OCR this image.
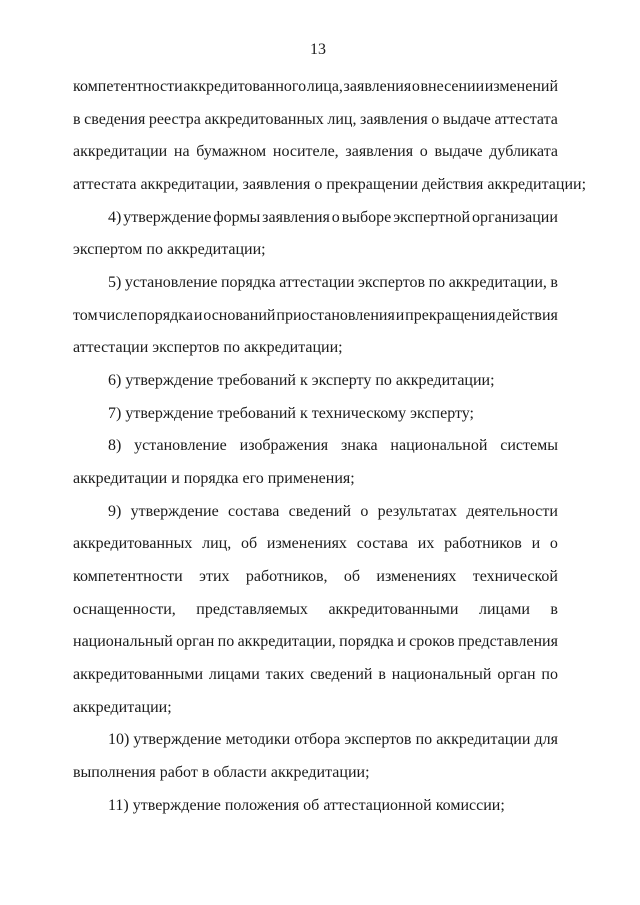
13
компетентности аккредитованного лица, заявления о внесении изменений
в сведения реестра аккредитованных лиц, заявления о выдаче аттестата
аккредитации на бумажном носителе, заявления о выдаче дубликата
аттестата аккредитации, заявления о прекращении действия аккредитации;
4) утверждение формы заявления о выборе экспертной организации
экспертом по аккредитации;
5) установление порядка аттестации экспертов по аккредитации, в
том числе порядка и оснований приостановления и прекращения действия
аттестации экспертов по аккредитации;
6) утверждение требований к эксперту по аккредитации;
7) утверждение требований к техническому эксперту;
8) установление изображения знака национальной системы
аккредитации и порядка его применения;
9) утверждение состава сведений о результатах деятельности
аккредитованных лиц, об изменениях состава их работников и о
компетентности этих работников, об изменениях технической
оснащенности, представляемых аккредитованными лицами в
национальный орган по аккредитации, порядка и сроков представления
аккредитованными лицами таких сведений в национальный орган по
аккредитации;
10) утверждение методики отбора экспертов по аккредитации для
выполнения работ в области аккредитации;
11) утверждение положения об аттестационной комиссии;
